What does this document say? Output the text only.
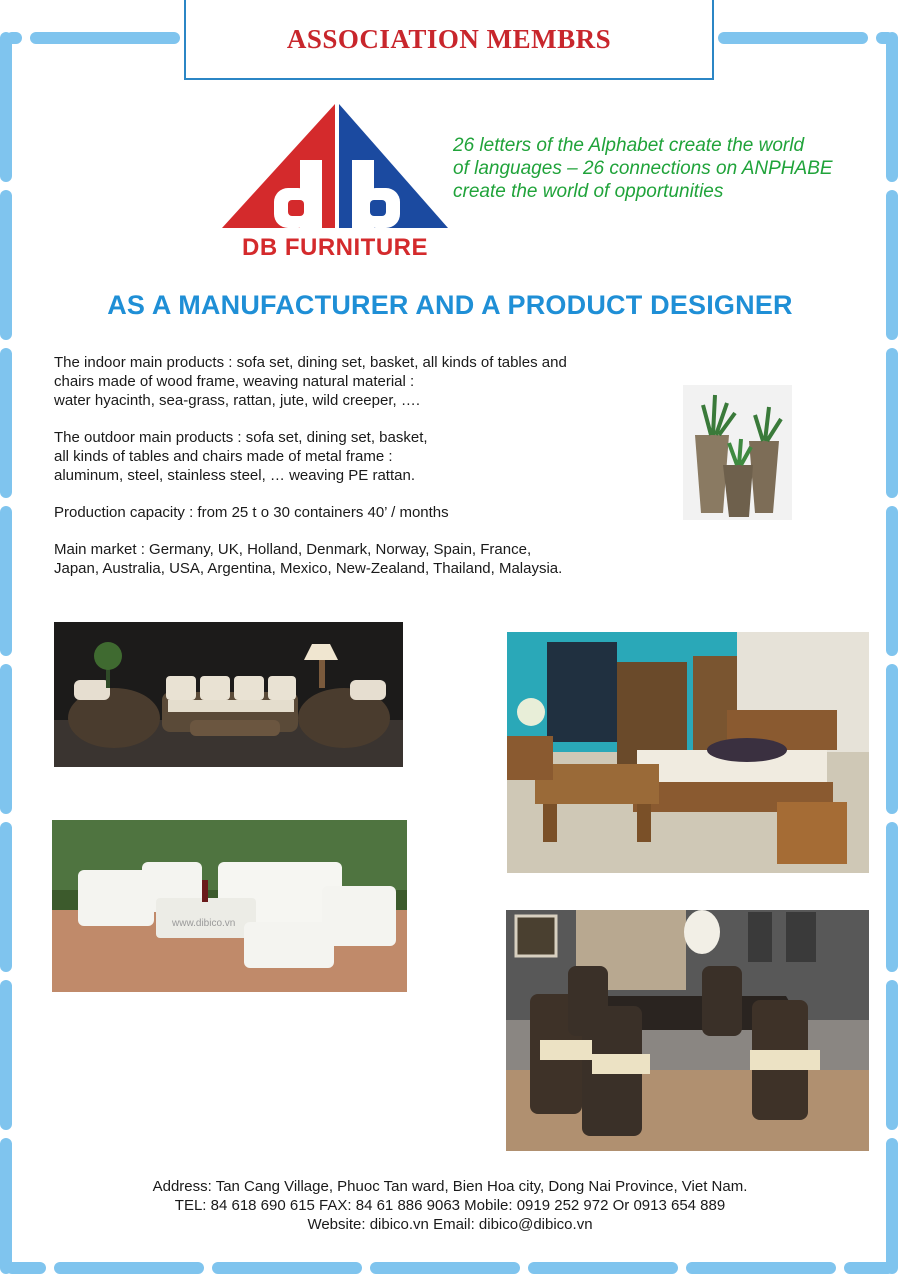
ASSOCIATION MEMBRS
DB FURNITURE
26 letters of the Alphabet create the world
of languages – 26 connections on ANPHABE
create the world of opportunities
AS A MANUFACTURER AND A PRODUCT DESIGNER

The indoor main products : sofa set, dining set, basket, all kinds of tables and
chairs made of wood frame, weaving natural material :
water hyacinth, sea-grass, rattan, jute, wild creeper, ….

The outdoor main products : sofa set, dining set, basket,
all kinds of tables and chairs made of metal frame :
aluminum, steel, stainless steel, … weaving PE rattan.

Production capacity : from 25 t o 30 containers 40’ / months

Main market : Germany, UK, Holland, Denmark, Norway, Spain, France,
Japan, Australia, USA, Argentina, Mexico, New-Zealand, Thailand, Malaysia.

www.dibico.vn
Address: Tan Cang Village, Phuoc Tan ward, Bien Hoa city, Dong Nai Province, Viet Nam.
TEL: 84 618 690 615 FAX: 84 61 886 9063 Mobile: 0919 252 972 Or 0913 654 889
Website: dibico.vn Email: dibico@dibico.vn
